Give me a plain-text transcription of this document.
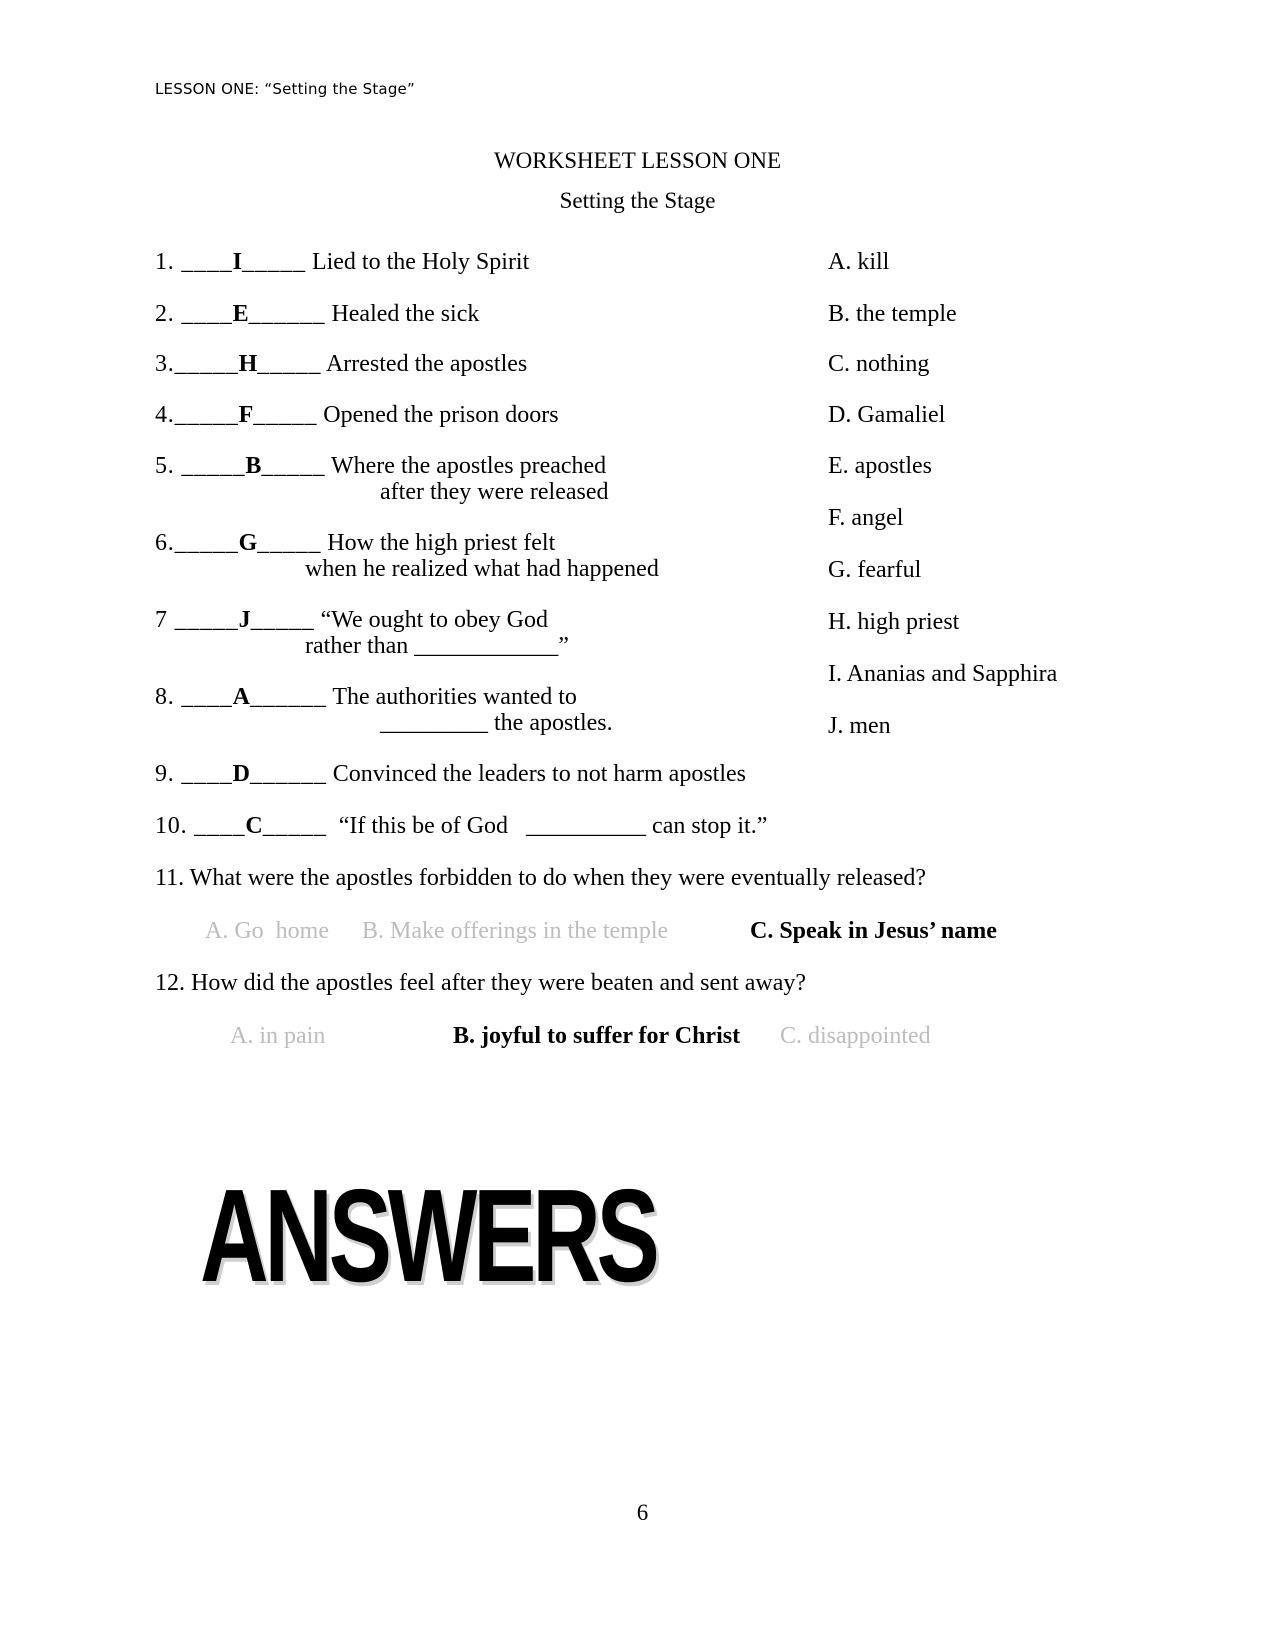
LESSON ONE: “Setting the Stage”
WORKSHEET LESSON ONE
Setting the Stage
1. ____I_____ Lied to the Holy Spirit
2. ____E______ Healed the sick
3._____H_____ Arrested the apostles
4._____F_____ Opened the prison doors
5. _____B_____ Where the apostles preached
after they were released
6._____G_____ How the high priest felt
when he realized what had happened
7 _____J_____ “We ought to obey God
rather than ____________”
8. ____A______ The authorities wanted to
_________ the apostles.
9. ____D______ Convinced the leaders to not harm apostles
10. ____C_____  “If this be of God   __________ can stop it.”
A. kill
B. the temple
C. nothing
D. Gamaliel
E. apostles
F. angel
G. fearful
H. high priest
I. Ananias and Sapphira
J. men
11. What were the apostles forbidden to do when they were eventually released?
A. Go  home B. Make offerings in the temple	C. Speak in Jesus’ name
12. How did the apostles feel after they were beaten and sent away?
A. in pain	B. joyful to suffer for Christ C. disappointed
ANSWERS
6
